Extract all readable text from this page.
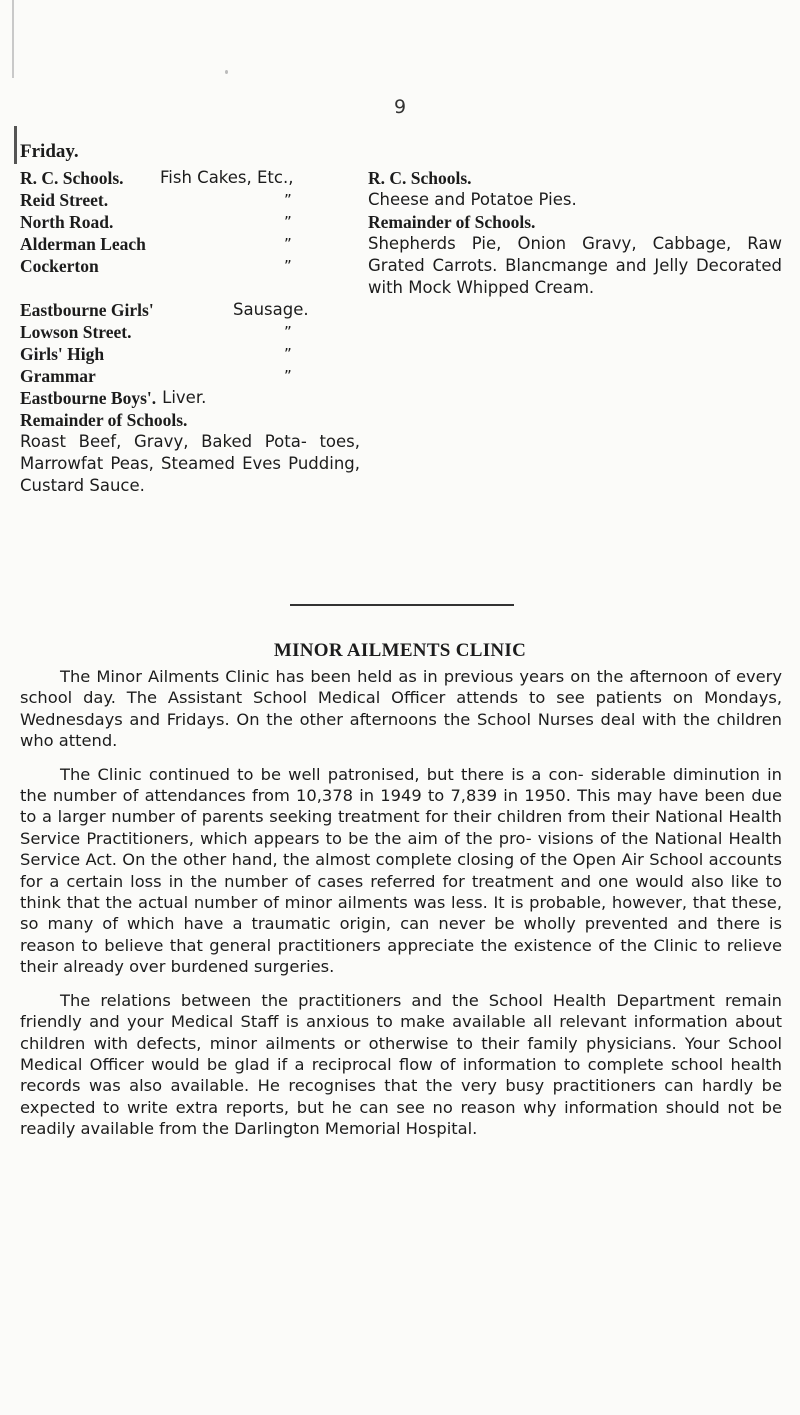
9
Friday.
R. C. Schools.	Fish Cakes, Etc.,
Reid Street.	”
North Road.	”
Alderman Leach	”
Cockerton	”
Eastbourne Girls'	Sausage.
Lowson Street.	”
Girls' High	”
Grammar	”
Eastbourne Boys'. Liver.
Remainder of Schools.

Roast Beef, Gravy, Baked Pota- toes, Marrowfat Peas, Steamed Eves Pudding, Custard Sauce.

R. C. Schools.

Cheese and Potatoe Pies.

Remainder of Schools.

Shepherds Pie, Onion Gravy, Cabbage, Raw Grated Carrots. Blancmange and Jelly Decorated with Mock Whipped Cream.

MINOR AILMENTS CLINIC

The Minor Ailments Clinic has been held as in previous years on the afternoon of every school day. The Assistant School Medical Officer attends to see patients on Mondays, Wednesdays and Fridays. On the other afternoons the School Nurses deal with the children who attend.

The Clinic continued to be well patronised, but there is a con- siderable diminution in the number of attendances from 10,378 in 1949 to 7,839 in 1950. This may have been due to a larger number of parents seeking treatment for their children from their National Health Service Practitioners, which appears to be the aim of the pro- visions of the National Health Service Act. On the other hand, the almost complete closing of the Open Air School accounts for a certain loss in the number of cases referred for treatment and one would also like to think that the actual number of minor ailments was less. It is probable, however, that these, so many of which have a traumatic origin, can never be wholly prevented and there is reason to believe that general practitioners appreciate the existence of the Clinic to relieve their already over burdened surgeries.

The relations between the practitioners and the School Health Department remain friendly and your Medical Staff is anxious to make available all relevant information about children with defects, minor ailments or otherwise to their family physicians. Your School Medical Officer would be glad if a reciprocal flow of information to complete school health records was also available. He recognises that the very busy practitioners can hardly be expected to write extra reports, but he can see no reason why information should not be readily available from the Darlington Memorial Hospital.
